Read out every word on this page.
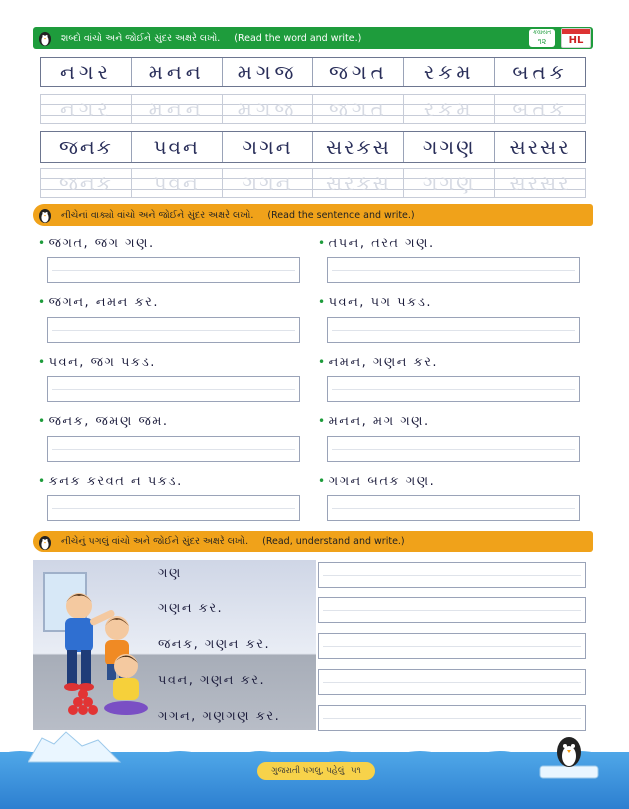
શબ્દો વાંચો અને જોઈને સુંદર અક્ષરે લખો. (Read the word and write.)	કવાયત
૧૨	HL
નગર	મનન	મગજ	જગત	રકમ	બતક
નગર	મનન	મગજ	જગત	રકમ	બતક
જનક	પવન	ગગન	સરકસ	ગગણ	સરસર
જનક	પવન	ગગન	સરકસ	ગગણ	સરસર
નીચેનાં વાક્યો વાંચો અને જોઈને સુંદર અક્ષરે લખો. (Read the sentence and write.)
• જગત, જગ ગણ.
• જગન, નમન કર.
• પવન, જગ પકડ.
• જનક, જમણ જમ.
• કનક કરવત ન પકડ.
• તપન, તરત ગણ.
• પવન, પગ પકડ.
• નમન, ગણન કર.
• મનન, મગ ગણ.
• ગગન બતક ગણ.
નીચેનું પગલું વાંચો અને જોઈને સુંદર અક્ષરે લખો. (Read, understand and write.)
ગણ
ગણન કર.
જનક, ગણન કર.
પવન, ગણન કર.
ગગન, ગણગણ કર.
ગુજરાતી પગલુ, પહેલું ૫૧
